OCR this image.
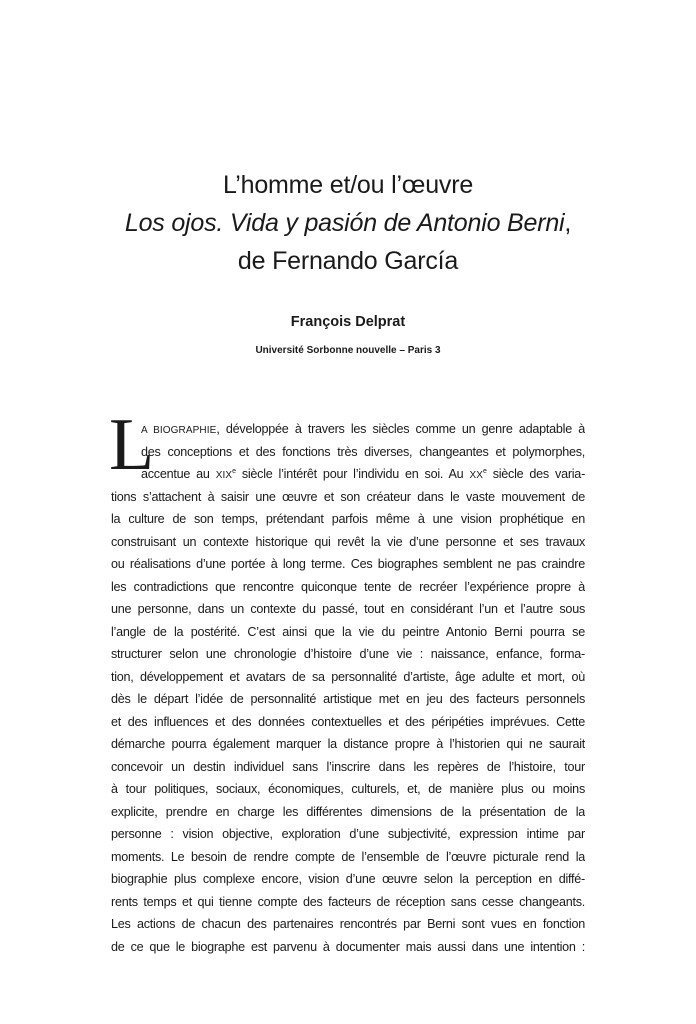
L’homme et/ou l’œuvre
Los ojos. Vida y pasión de Antonio Berni,
de Fernando García
François Delprat
Université Sorbonne nouvelle – Paris 3
L
A BIOGRAPHIE, développée à travers les siècles comme un genre adaptable à
des conceptions et des fonctions très diverses, changeantes et polymorphes,
accentue au XIXe siècle l’intérêt pour l’individu en soi. Au XXe siècle des varia-
tions s’attachent à saisir une œuvre et son créateur dans le vaste mouvement de
la culture de son temps, prétendant parfois même à une vision prophétique en
construisant un contexte historique qui revêt la vie d’une personne et ses travaux
ou réalisations d’une portée à long terme. Ces biographes semblent ne pas craindre
les contradictions que rencontre quiconque tente de recréer l’expérience propre à
une personne, dans un contexte du passé, tout en considérant l’un et l’autre sous
l’angle de la postérité. C’est ainsi que la vie du peintre Antonio Berni pourra se
structurer selon une chronologie d’histoire d’une vie : naissance, enfance, forma-
tion, développement et avatars de sa personnalité d’artiste, âge adulte et mort, où
dès le départ l’idée de personnalité artistique met en jeu des facteurs personnels
et des influences et des données contextuelles et des péripéties imprévues. Cette
démarche pourra également marquer la distance propre à l’historien qui ne saurait
concevoir un destin individuel sans l’inscrire dans les repères de l’histoire, tour
à tour politiques, sociaux, économiques, culturels, et, de manière plus ou moins
explicite, prendre en charge les différentes dimensions de la présentation de la
personne : vision objective, exploration d’une subjectivité, expression intime par
moments. Le besoin de rendre compte de l’ensemble de l’œuvre picturale rend la
biographie plus complexe encore, vision d’une œuvre selon la perception en diffé-
rents temps et qui tienne compte des facteurs de réception sans cesse changeants.
Les actions de chacun des partenaires rencontrés par Berni sont vues en fonction
de ce que le biographe est parvenu à documenter mais aussi dans une intention :
